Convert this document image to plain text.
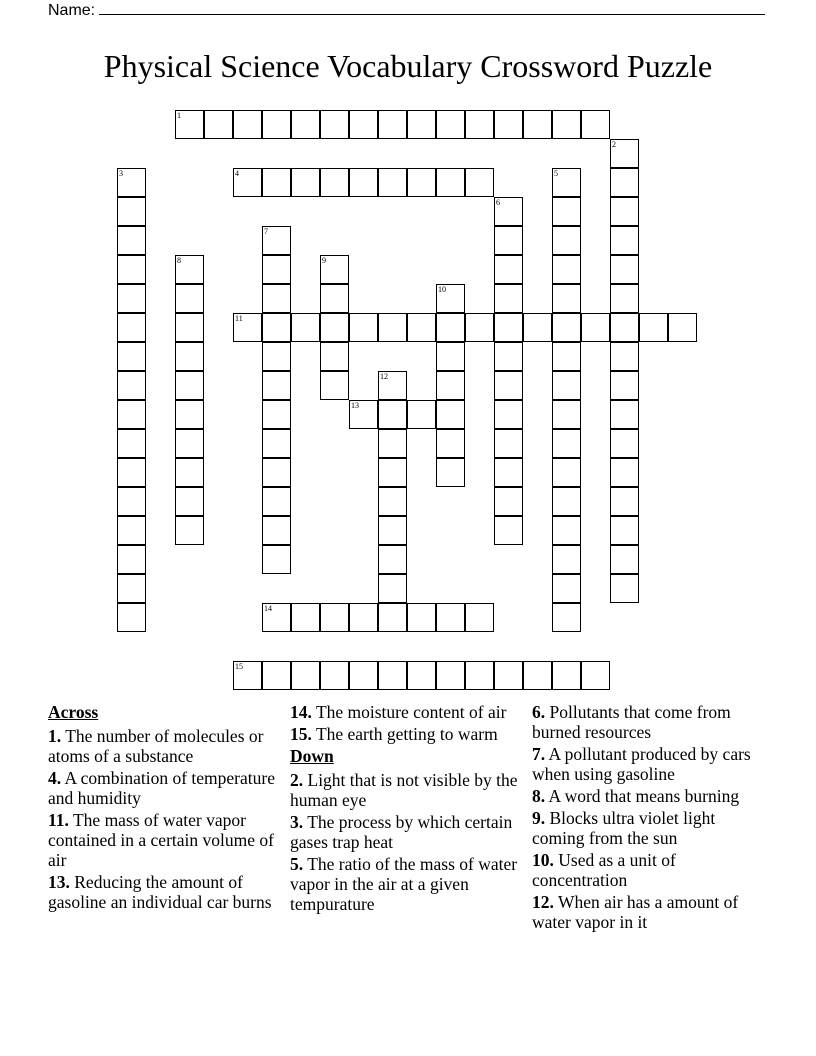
Name:
Physical Science Vocabulary Crossword Puzzle
1
2
3	4	5
6
7
8	9
10
11
12
13
14
15
Across
1. The number of molecules or atoms of a substance
4. A combination of temperature and humidity
11. The mass of water vapor contained in a certain volume of air
13. Reducing the amount of gasoline an individual car burns
14. The moisture content of air
15. The earth getting to warm
Down
2. Light that is not visible by the human eye
3. The process by which certain gases trap heat
5. The ratio of the mass of water vapor in the air at a given tempurature
6. Pollutants that come from burned resources
7. A pollutant produced by cars when using gasoline
8. A word that means burning
9. Blocks ultra violet light coming from the sun
10. Used as a unit of concentration
12. When air has a amount of water vapor in it
